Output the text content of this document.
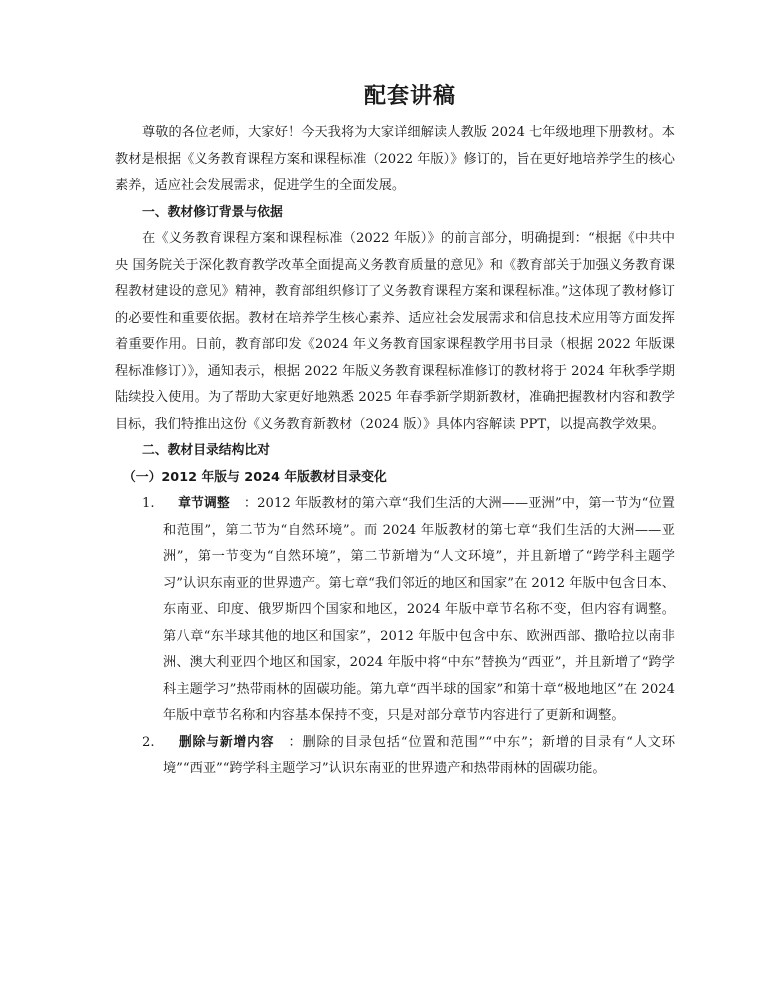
配套讲稿

尊敬的各位老师，大家好！今天我将为大家详细解读人教版 2024 七年级地理下册教材。本教材是根据《义务教育课程方案和课程标准（2022 年版）》修订的，旨在更好地培养学生的核心素养，适应社会发展需求，促进学生的全面发展。

一、教材修订背景与依据

在《义务教育课程方案和课程标准（2022 年版）》的前言部分，明确提到：“根据《中共中央 国务院关于深化教育教学改革全面提高义务教育质量的意见》和《教育部关于加强义务教育课程教材建设的意见》精神，教育部组织修订了义务教育课程方案和课程标准。”这体现了教材修订的必要性和重要依据。教材在培养学生核心素养、适应社会发展需求和信息技术应用等方面发挥着重要作用。日前，教育部印发《2024 年义务教育国家课程教学用书目录（根据 2022 年版课程标准修订）》，通知表示，根据 2022 年版义务教育课程标准修订的教材将于 2024 年秋季学期陆续投入使用。为了帮助大家更好地熟悉 2025 年春季新学期新教材，准确把握教材内容和教学目标，我们特推出这份《义务教育新教材（2024 版）》具体内容解读 PPT，以提高教学效果。

二、教材目录结构比对
（一）2012 年版与 2024 年版教材目录变化
1. 章节调整 ：2012 年版教材的第六章“我们生活的大洲——亚洲”中，第一节为“位置和范围”，第二节为“自然环境”。而 2024 年版教材的第七章“我们生活的大洲——亚洲”，第一节变为“自然环境”，第二节新增为“人文环境”，并且新增了“跨学科主题学习”认识东南亚的世界遗产。第七章“我们邻近的地区和国家”在 2012 年版中包含日本、东南亚、印度、俄罗斯四个国家和地区，2024 年版中章节名称不变，但内容有调整。第八章“东半球其他的地区和国家”，2012 年版中包含中东、欧洲西部、撒哈拉以南非洲、澳大利亚四个地区和国家，2024 年版中将“中东”替换为“西亚”，并且新增了“跨学科主题学习”热带雨林的固碳功能。第九章“西半球的国家”和第十章“极地地区”在 2024 年版中章节名称和内容基本保持不变，只是对部分章节内容进行了更新和调整。
2. 删除与新增内容 ：删除的目录包括“位置和范围”“中东”；新增的目录有“人文环境”“西亚”“跨学科主题学习”认识东南亚的世界遗产和热带雨林的固碳功能。
